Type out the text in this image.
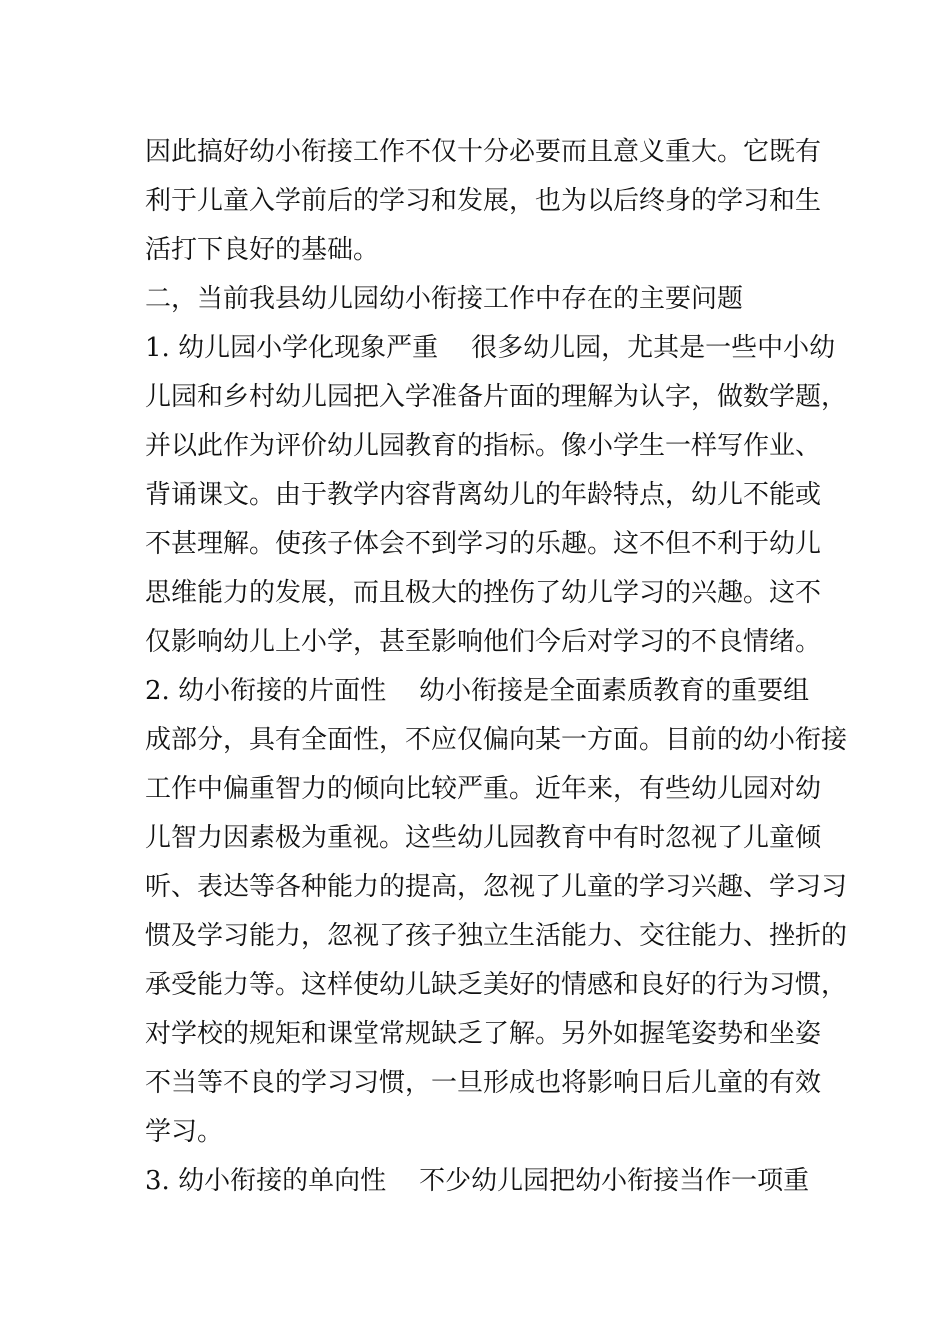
因此搞好幼小衔接工作不仅十分必要而且意义重大。它既有
利于儿童入学前后的学习和发展，也为以后终身的学习和生
活打下良好的基础。
二，当前我县幼儿园幼小衔接工作中存在的主要问题
1. 幼儿园小学化现象严重    很多幼儿园，尤其是一些中小幼
儿园和乡村幼儿园把入学准备片面的理解为认字，做数学题，
并以此作为评价幼儿园教育的指标。像小学生一样写作业、
背诵课文。由于教学内容背离幼儿的年龄特点，幼儿不能或
不甚理解。使孩子体会不到学习的乐趣。这不但不利于幼儿
思维能力的发展，而且极大的挫伤了幼儿学习的兴趣。这不
仅影响幼儿上小学，甚至影响他们今后对学习的不良情绪。
2. 幼小衔接的片面性    幼小衔接是全面素质教育的重要组
成部分，具有全面性，不应仅偏向某一方面。目前的幼小衔接
工作中偏重智力的倾向比较严重。近年来，有些幼儿园对幼
儿智力因素极为重视。这些幼儿园教育中有时忽视了儿童倾
听、表达等各种能力的提高，忽视了儿童的学习兴趣、学习习
惯及学习能力，忽视了孩子独立生活能力、交往能力、挫折的
承受能力等。这样使幼儿缺乏美好的情感和良好的行为习惯，
对学校的规矩和课堂常规缺乏了解。另外如握笔姿势和坐姿
不当等不良的学习习惯，一旦形成也将影响日后儿童的有效
学习。
3. 幼小衔接的单向性    不少幼儿园把幼小衔接当作一项重
